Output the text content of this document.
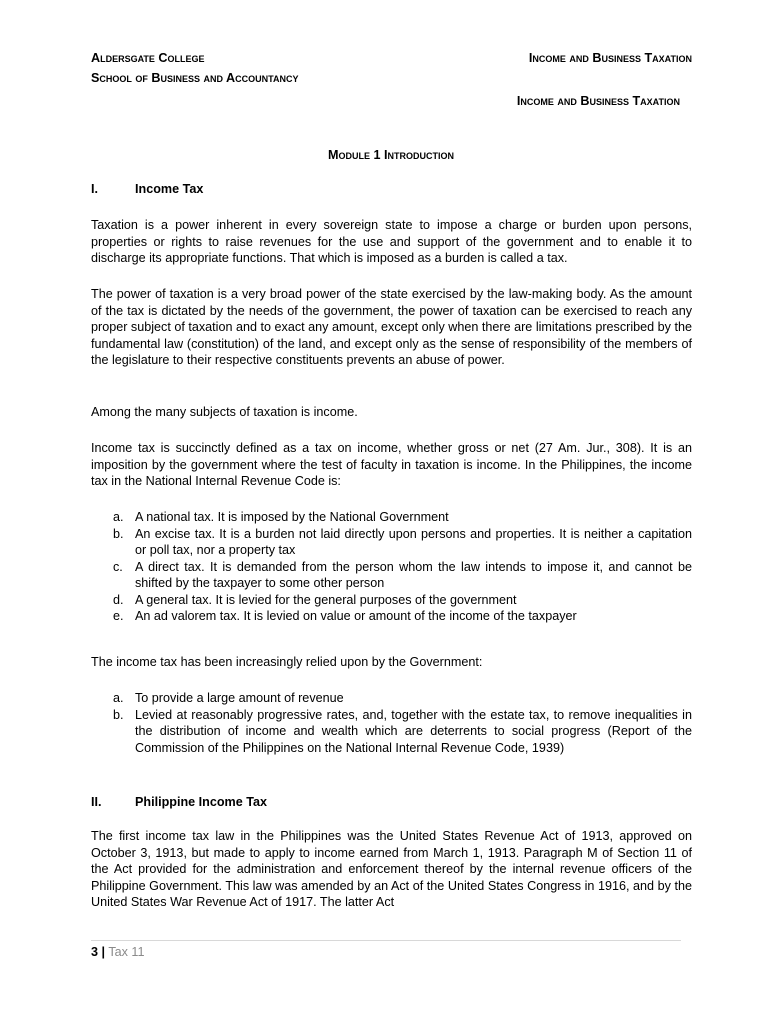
Aldersgate College
School of Business and Accountancy
Income and Business Taxation
Income and Business Taxation
Module 1 Introduction
I.	Income Tax

Taxation is a power inherent in every sovereign state to impose a charge or burden upon persons, properties or rights to raise revenues for the use and support of the government and to enable it to discharge its appropriate functions. That which is imposed as a burden is called a tax.

The power of taxation is a very broad power of the state exercised by the law-making body. As the amount of the tax is dictated by the needs of the government, the power of taxation can be exercised to reach any proper subject of taxation and to exact any amount, except only when there are limitations prescribed by the fundamental law (constitution) of the land, and except only as the sense of responsibility of the members of the legislature to their respective constituents prevents an abuse of power.

Among the many subjects of taxation is income.

Income tax is succinctly defined as a tax on income, whether gross or net (27 Am. Jur., 308). It is an imposition by the government where the test of faculty in taxation is income. In the Philippines, the income tax in the National Internal Revenue Code is:

a. A national tax. It is imposed by the National Government
b. An excise tax. It is a burden not laid directly upon persons and properties. It is neither a capitation or poll tax, nor a property tax
c. A direct tax. It is demanded from the person whom the law intends to impose it, and cannot be shifted by the taxpayer to some other person
d. A general tax. It is levied for the general purposes of the government
e. An ad valorem tax. It is levied on value or amount of the income of the taxpayer

The income tax has been increasingly relied upon by the Government:

a. To provide a large amount of revenue
b. Levied at reasonably progressive rates, and, together with the estate tax, to remove inequalities in the distribution of income and wealth which are deterrents to social progress (Report of the Commission of the Philippines on the National Internal Revenue Code, 1939)
II.	Philippine Income Tax

The first income tax law in the Philippines was the United States Revenue Act of 1913, approved on October 3, 1913, but made to apply to income earned from March 1, 1913. Paragraph M of Section 11 of the Act provided for the administration and enforcement thereof by the internal revenue officers of the Philippine Government. This law was amended by an Act of the United States Congress in 1916, and by the United States War Revenue Act of 1917. The latter Act

3 | Tax 11
